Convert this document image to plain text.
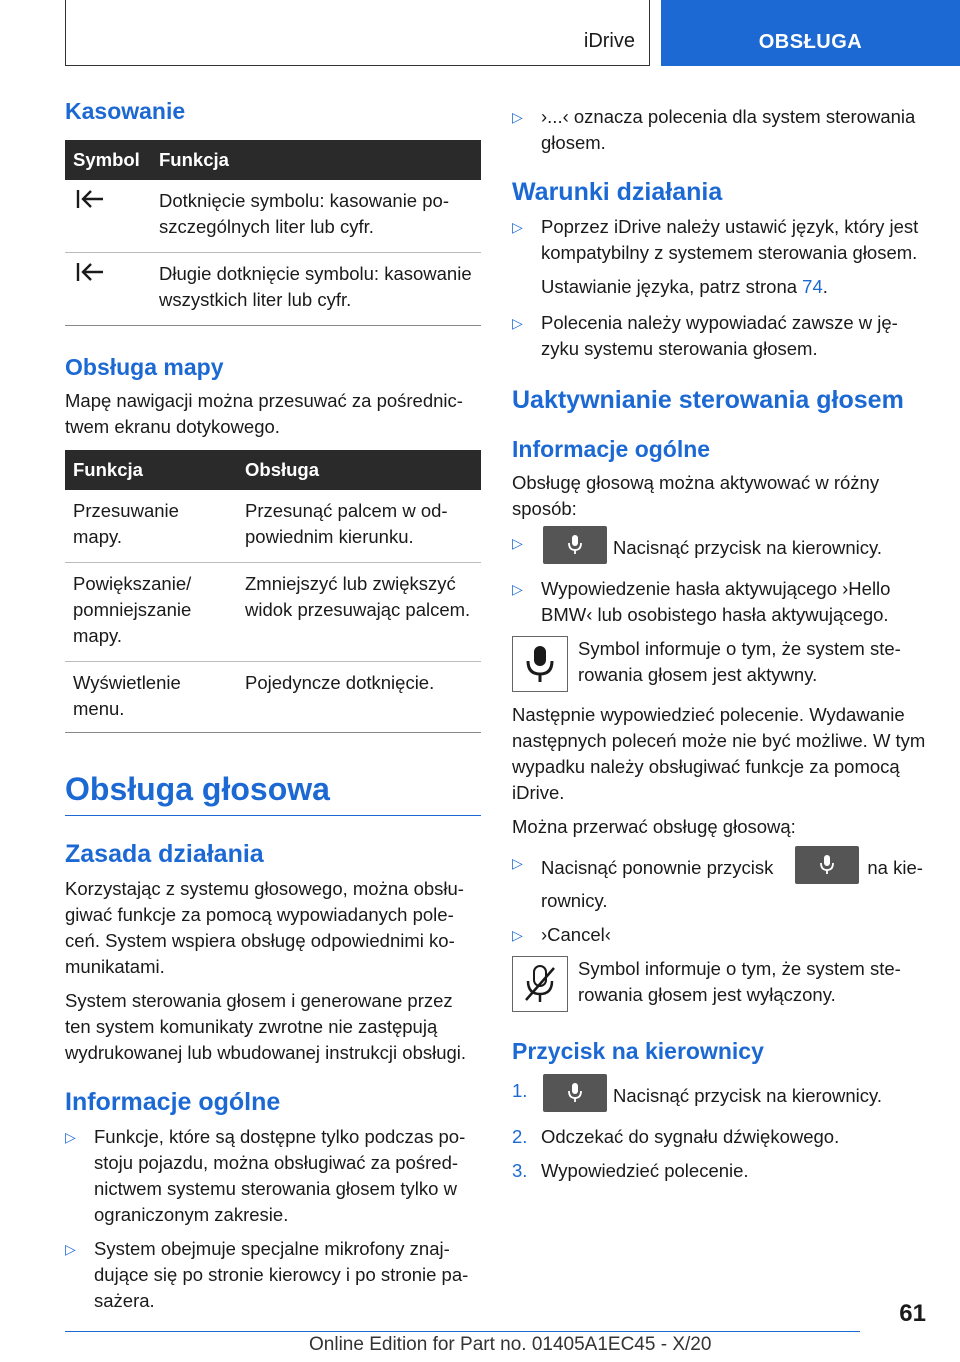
iDrive	OBSŁUGA
Kasowanie
Symbol	Funkcja
	Dotknięcie symbolu: kasowanie poszczególnych liter lub cyfr.
	Długie dotknięcie symbolu: kasowanie wszystkich liter lub cyfr.
Obsługa mapy

Mapę nawigacji można przesuwać za pośrednictwem ekranu dotykowego.

Funkcja	Obsługa
Przesuwanie mapy.	Przesunąć palcem w odpowiednim kierunku.
Powiększanie/ pomniejszanie mapy.	Zmniejszyć lub zwiększyć widok przesuwając palcem.
Wyświetlenie menu.	Pojedyncze dotknięcie.
Obsługa głosowa
Zasada działania

Korzystając z systemu głosowego, można obsługiwać funkcje za pomocą wypowiadanych poleceń. System wspiera obsługę odpowiednimi komunikatami.

System sterowania głosem i generowane przez ten system komunikaty zwrotne nie zastępują wydrukowanej lub wbudowanej instrukcji obsługi.

Informacje ogólne
▷ Funkcje, które są dostępne tylko podczas postoju pojazdu, można obsługiwać za pośrednictwem systemu sterowania głosem tylko w ograniczonym zakresie.
▷ System obejmuje specjalne mikrofony znajdujące się po stronie kierowcy i po stronie pasażera.
▷ ›...‹ oznacza polecenia dla system sterowania głosem.
Warunki działania
▷ Poprzez iDrive należy ustawić język, który jest kompatybilny z systemem sterowania głosem.
Ustawianie języka, patrz strona 74.
▷ Polecenia należy wypowiadać zawsze w języku systemu sterowania głosem.
Uaktywnianie sterowania głosem
Informacje ogólne

Obsługę głosową można aktywować w różny sposób:

▷	Nacisnąć przycisk na kierownicy.
▷ Wypowiedzenie hasła aktywującego ›Hello BMW‹ lub osobistego hasła aktywującego.

Symbol informuje o tym, że system sterowania głosem jest aktywny.

Następnie wypowiedzieć polecenie. Wydawanie następnych poleceń może nie być możliwe. W tym wypadku należy obsługiwać funkcje za pomocą iDrive.

Można przerwać obsługę głosową:

▷ Nacisnąć ponownie przycisk	na kierownicy.
▷ ›Cancel‹

Symbol informuje o tym, że system sterowania głosem jest wyłączony.

Przycisk na kierownicy
1.	Nacisnąć przycisk na kierownicy.
2. Odczekać do sygnału dźwiękowego.
3. Wypowiedzieć polecenie.
61
Online Edition for Part no. 01405A1EC45 - X/20
